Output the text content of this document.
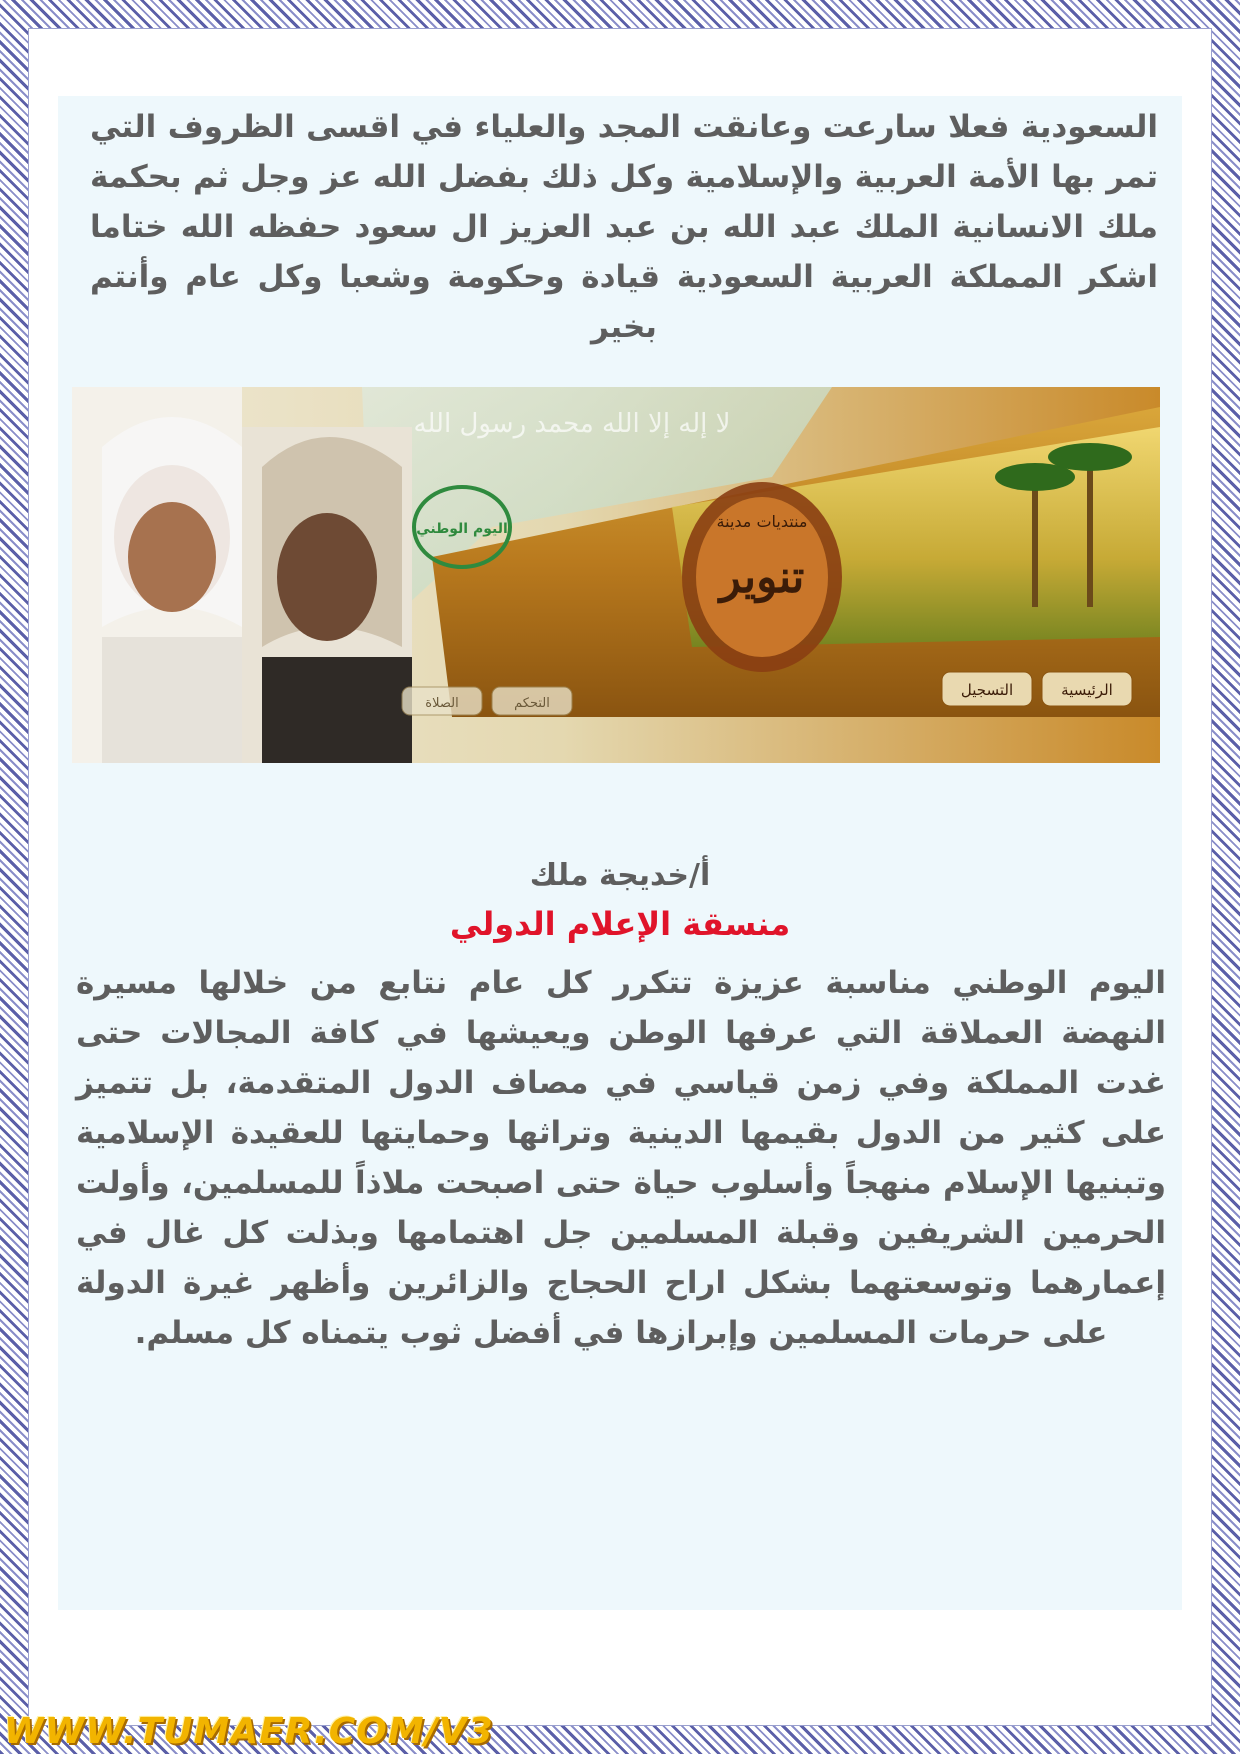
السعودية فعلا سارعت وعانقت المجد والعلياء في اقسى الظروف التي تمر بها الأمة العربية والإسلامية وكل ذلك بفضل الله عز وجل ثم بحكمة ملك الانسانية الملك عبد الله بن عبد العزيز ال سعود حفظه الله ختاما اشكر المملكة العربية السعودية قيادة وحكومة وشعبا وكل عام وأنتم بخير

تنوير
منتديات مدينة
اليوم الوطني
لا إله إلا الله محمد رسول الله
الرئيسية
التسجيل
التحكم
الصلاة
أ/خديجة ملك
منسقة الإعلام الدولي

اليوم الوطني مناسبة عزيزة تتكرر كل عام نتابع من خلالها مسيرة النهضة العملاقة التي عرفها الوطن ويعيشها في كافة المجالات حتى غدت المملكة وفي زمن قياسي في مصاف الدول المتقدمة، بل تتميز على كثير من الدول بقيمها الدينية وتراثها وحمايتها للعقيدة الإسلامية وتبنيها الإسلام منهجاً وأسلوب حياة حتى اصبحت ملاذاً للمسلمين، وأولت الحرمين الشريفين وقبلة المسلمين جل اهتمامها وبذلت كل غال في إعمارهما وتوسعتهما بشكل اراح الحجاج والزائرين وأظهر غيرة الدولة على حرمات المسلمين وإبرازها في أفضل ثوب يتمناه كل مسلم.

WWW.TUMAER.COM/V3
